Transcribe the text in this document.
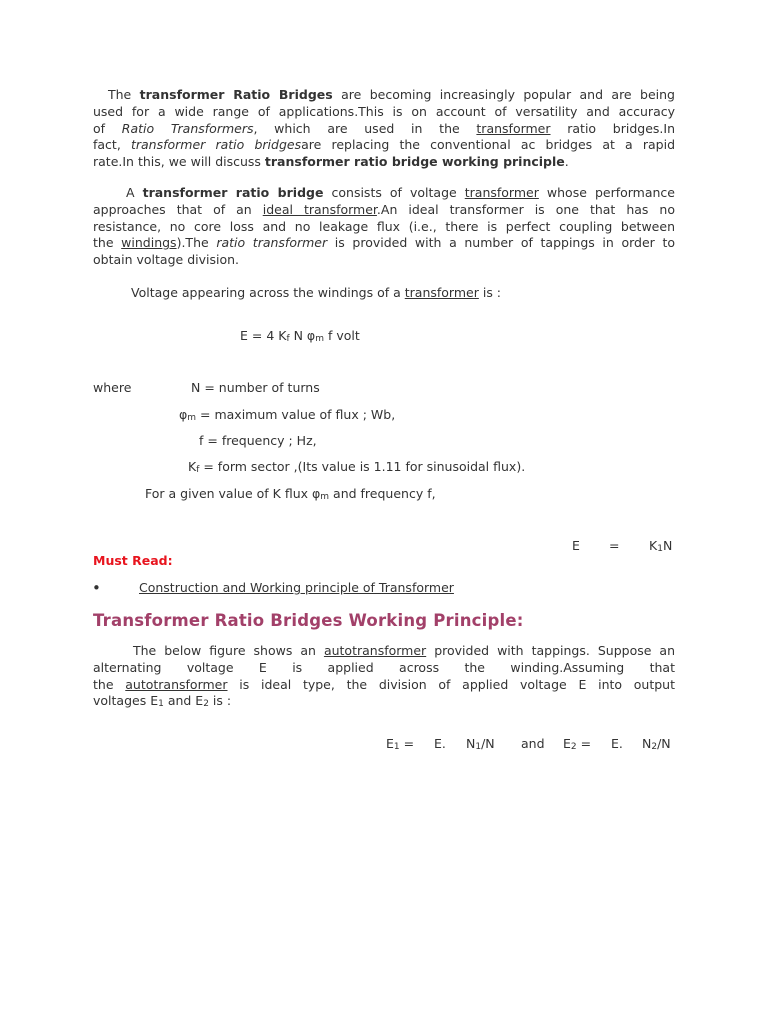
The transformer Ratio Bridges are becoming increasingly popular and are being
used for a wide range of applications.This is on account of versatility and accuracy
of Ratio Transformers, which are used in the transformer ratio bridges.In
fact, transformer ratio bridgesare replacing the conventional ac bridges at a rapid
rate.In this, we will discuss transformer ratio bridge working principle.
A transformer ratio bridge consists of voltage transformer whose performance
approaches that of an ideal transformer.An ideal transformer is one that has no
resistance, no core loss and no leakage flux (i.e., there is perfect coupling between
the windings).The ratio transformer is provided with a number of tappings in order to
obtain voltage division.
Voltage appearing across the windings of a transformer is :
E = 4 $K_f$ N $\varphi_m$ f volt
where	N = number of turns
$\varphi_m$ = maximum value of flux ; Wb,
f = frequency ; Hz,
$K_f$ = form sector ,(Its value is 1.11 for sinusoidal flux).
For a given value of K flux $\varphi_m$ and frequency f,
$E = K_1N$
Must Read:
•	Construction and Working principle of Transformer
Transformer Ratio Bridges Working Principle:
The below figure shows an autotransformer provided with tappings. Suppose an
alternating voltage E is applied across the winding.Assuming that
the autotransformer is ideal type, the division of applied voltage E into output
voltages $E_1$ and $E_2$ is :
$E_1 = E$. $N_1/N$ and $E_2 = E$. $N_2/N$
